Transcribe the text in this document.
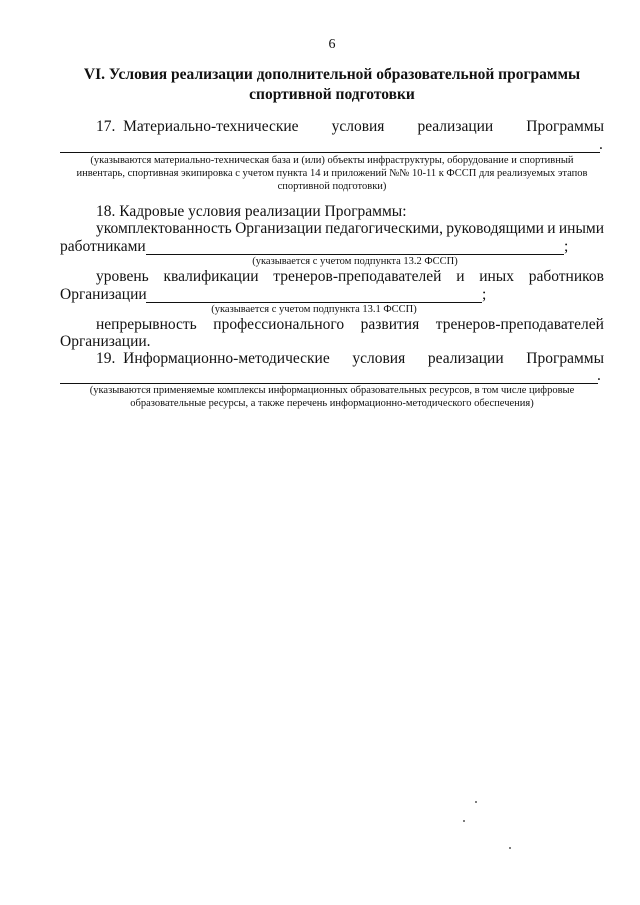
6
VI. Условия реализации дополнительной образовательной программы
спортивной подготовки
17. Материально-технические условия реализации Программы
.
(указываются материально-техническая база и (или) объекты инфраструктуры, оборудование и спортивный
инвентарь, спортивная экипировка с учетом пункта 14 и приложений №№ 10-11 к ФССП для реализуемых этапов
спортивной подготовки)
18. Кадровые условия реализации Программы:
укомплектованность Организации педагогическими, руководящими и иными
работниками	;
(указывается с учетом подпункта 13.2 ФССП)
уровень квалификации тренеров-преподавателей и иных работников
Организации	;
(указывается с учетом подпункта 13.1 ФССП)
непрерывность профессионального развития тренеров-преподавателей
Организации.
19. Информационно-методические условия реализации Программы
.
(указываются применяемые комплексы информационных образовательных ресурсов, в том числе цифровые
образовательные ресурсы, а также перечень информационно-методического обеспечения)
